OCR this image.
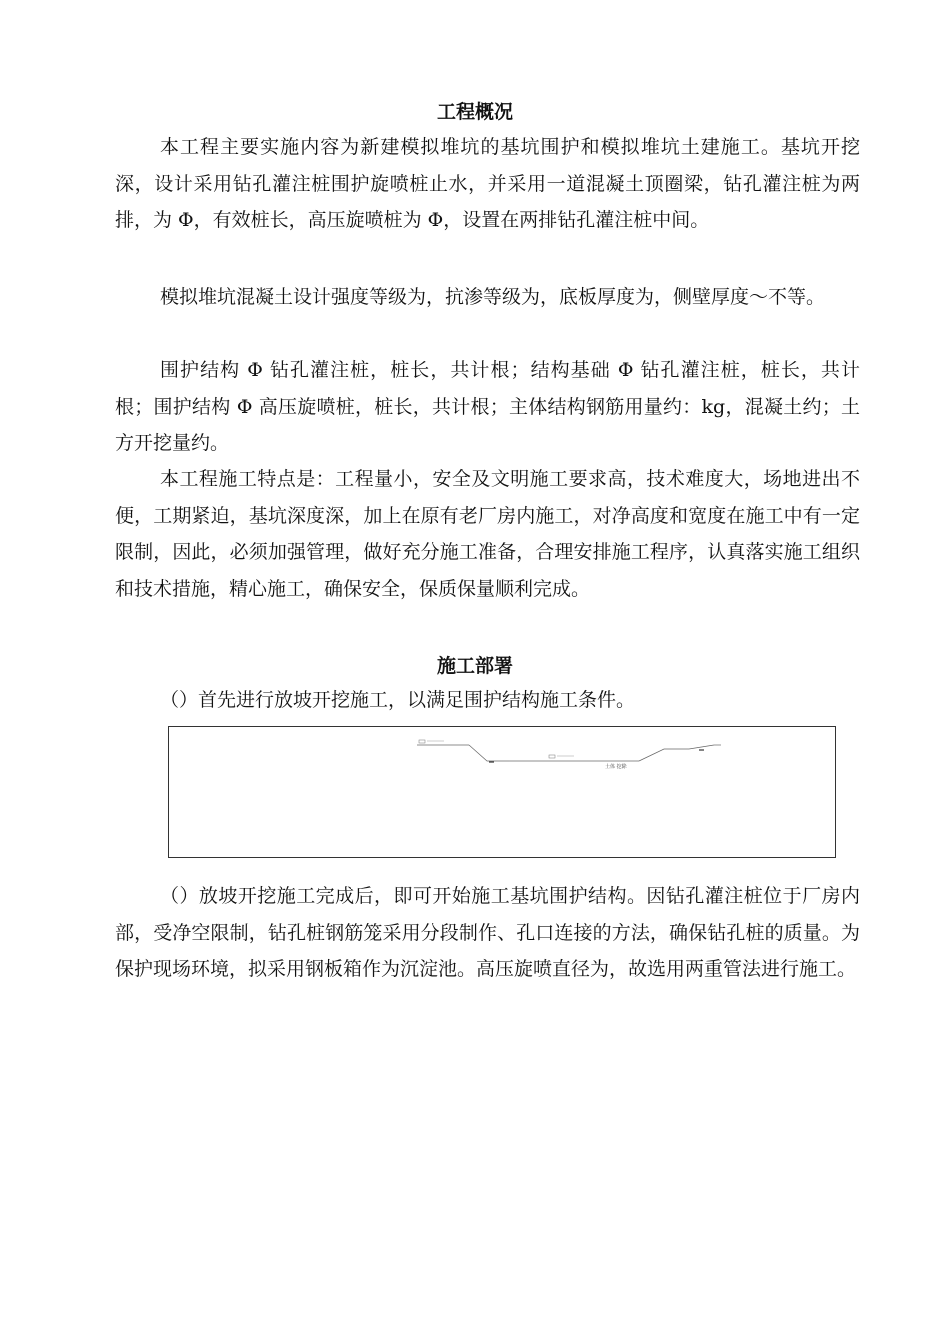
工程概况

本工程主要实施内容为新建模拟堆坑的基坑围护和模拟堆坑土建施工。基坑开挖深，设计采用钻孔灌注桩围护旋喷桩止水，并采用一道混凝土顶圈梁，钻孔灌注桩为两排，为 Φ，有效桩长，高压旋喷桩为 Φ，设置在两排钻孔灌注桩中间。

模拟堆坑混凝土设计强度等级为，抗渗等级为，底板厚度为，侧壁厚度～不等。

围护结构 Φ 钻孔灌注桩，桩长，共计根；结构基础 Φ 钻孔灌注桩，桩长，共计根；围护结构 Φ 高压旋喷桩，桩长，共计根；主体结构钢筋用量约：kg，混凝土约；土方开挖量约。

本工程施工特点是：工程量小，安全及文明施工要求高，技术难度大，场地进出不便，工期紧迫，基坑深度深，加上在原有老厂房内施工，对净高度和宽度在施工中有一定限制，因此，必须加强管理，做好充分施工准备，合理安排施工程序，认真落实施工组织和技术措施，精心施工，确保安全，保质保量顺利完成。

施工部署

（）首先进行放坡开挖施工，以满足围护结构施工条件。

土体 挖除

（）放坡开挖施工完成后，即可开始施工基坑围护结构。因钻孔灌注桩位于厂房内部，受净空限制，钻孔桩钢筋笼采用分段制作、孔口连接的方法，确保钻孔桩的质量。为保护现场环境，拟采用钢板箱作为沉淀池。高压旋喷直径为，故选用两重管法进行施工。
